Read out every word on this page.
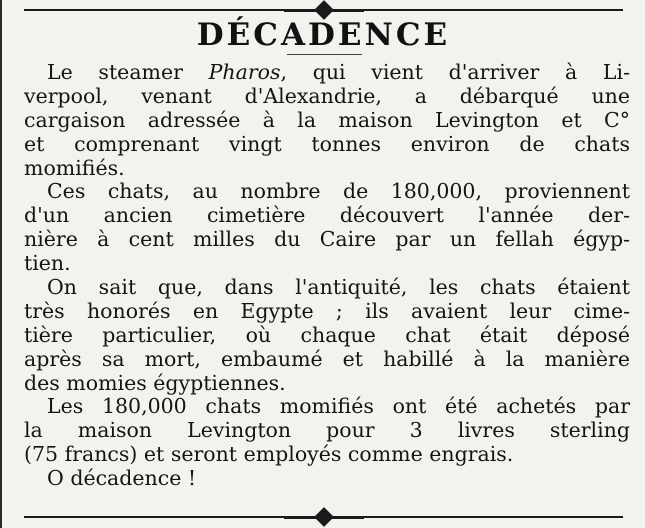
DÉCADENCE
Le steamer Pharos, qui vient d'arriver à Li-
verpool, venant d'Alexandrie, a débarqué une
cargaison adressée à la maison Levington et C°
et comprenant vingt tonnes environ de chats
momifiés.
Ces chats, au nombre de 180,000, proviennent
d'un ancien cimetière découvert l'année der-
nière à cent milles du Caire par un fellah égyp-
tien.
On sait que, dans l'antiquité, les chats étaient
très honorés en Egypte ; ils avaient leur cime-
tière particulier, où chaque chat était déposé
après sa mort, embaumé et habillé à la manière
des momies égyptiennes.
Les 180,000 chats momifiés ont été achetés par
la maison Levington pour 3 livres sterling
(75 francs) et seront employés comme engrais.
O décadence !
